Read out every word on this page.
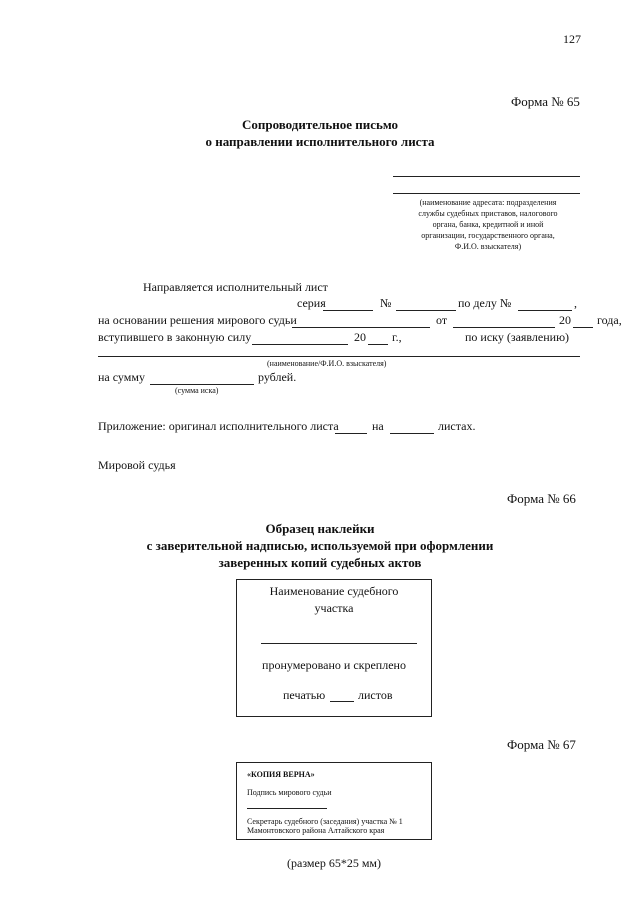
127
Форма № 65
Сопроводительное письмо
о направлении исполнительного листа
(наименование адресата: подразделения
службы судебных приставов, налогового
органа, банка, кредитной и иной
организации, государственного органа,
Ф.И.О. взыскателя)
Направляется исполнительный лист
серия	№	по делу №	,
на основании решения мирового судьи	от	20 года,
вступившего в законную силу	20 г.,	по иску (заявлению)
(наименование/Ф.И.О. взыскателя)
на сумму	рублей.
(сумма иска)
Приложение: оригинал исполнительного листа	на	листах.
Мировой судья
Форма № 66
Образец наклейки
с заверительной надписью, используемой при оформлении
заверенных копий судебных актов
Наименование судебного
участка
пронумеровано и скреплено
печатью	листов
Форма № 67
«КОПИЯ ВЕРНА»
Подпись мирового судьи
Секретарь судебного (заседания) участка № 1
Мамонтовского района Алтайского края
(размер 65*25 мм)
